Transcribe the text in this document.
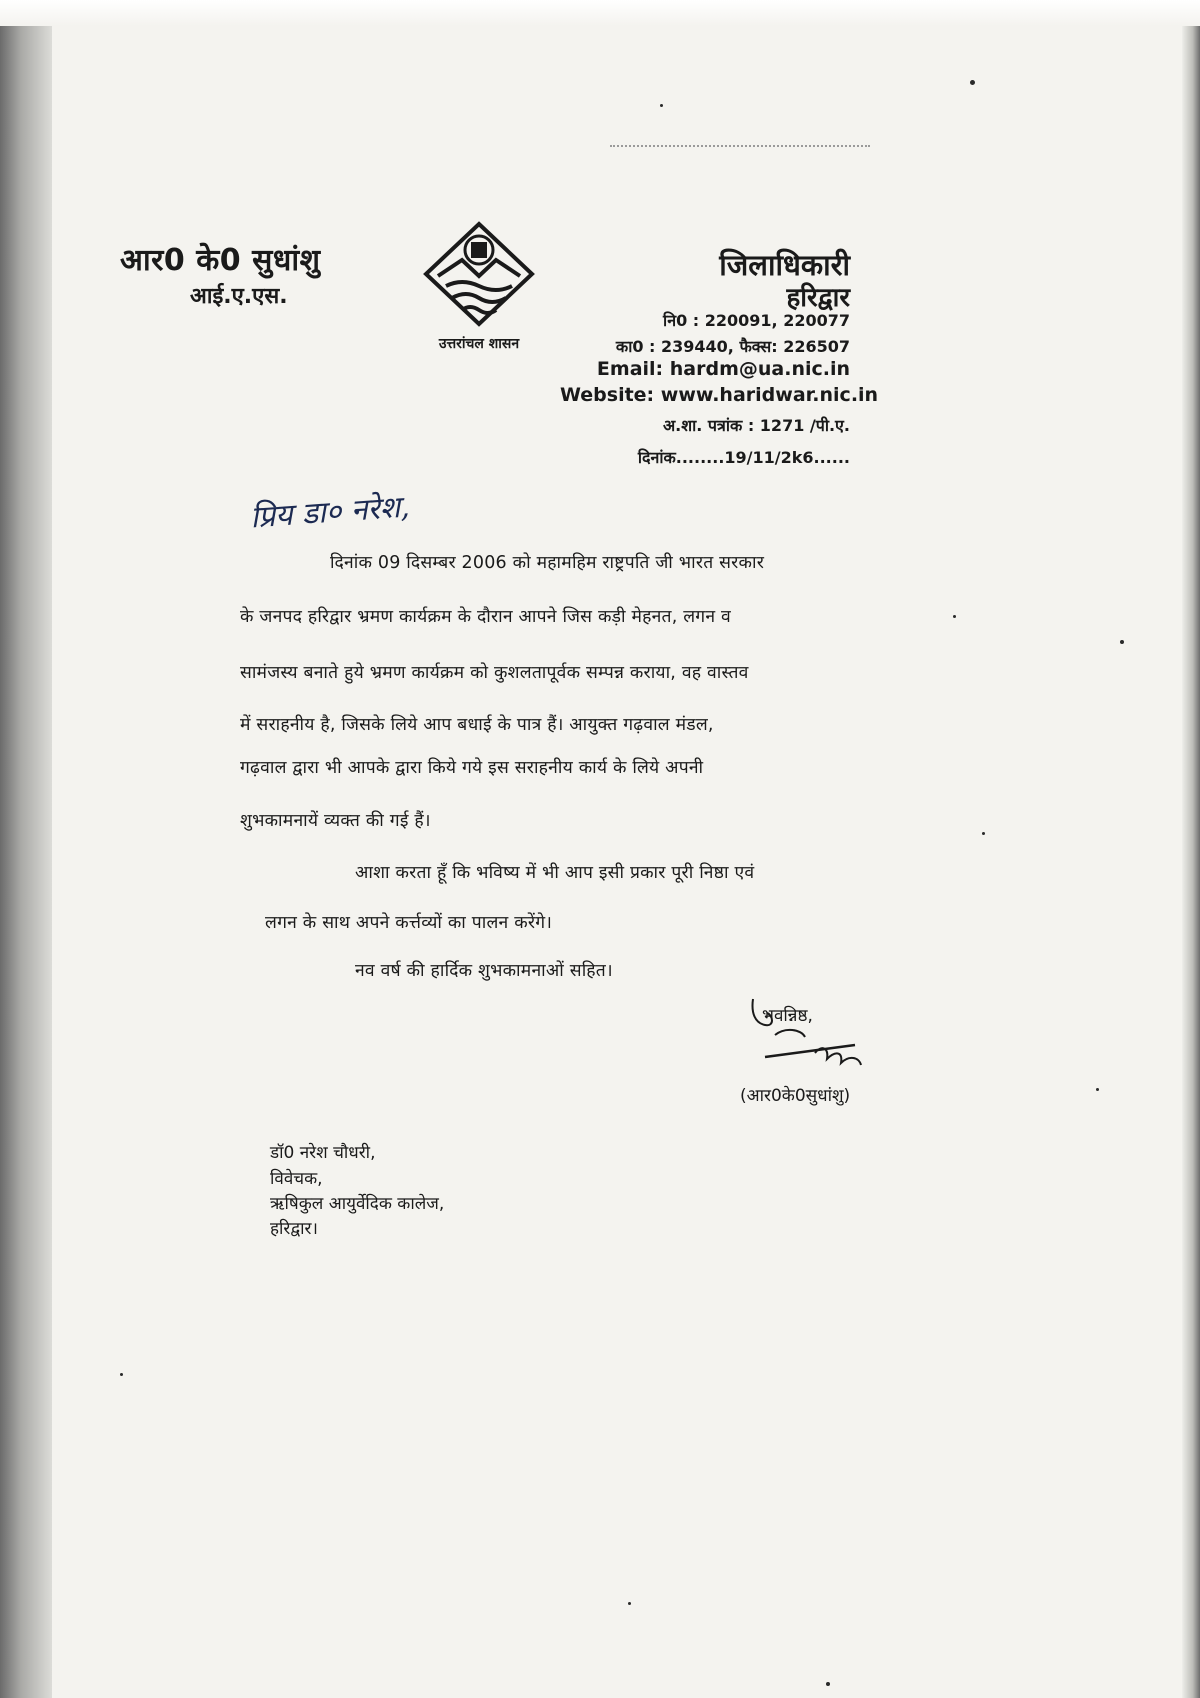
आर0 के0 सुधांशु
आई.ए.एस.
उत्तरांचल शासन
जिलाधिकारी
हरिद्वार
नि0 : 220091, 220077
का0 : 239440, फैक्स: 226507
Email: hardm@ua.nic.in
Website: www.haridwar.nic.in
अ.शा. पत्रांक : 1271 /पी.ए.
दिनांक........19/11/2k6......
प्रिय डा० नरेश,
दिनांक 09 दिसम्बर 2006 को महामहिम राष्ट्रपति जी भारत सरकार
के जनपद हरिद्वार भ्रमण कार्यक्रम के दौरान आपने जिस कड़ी मेहनत, लगन व
सामंजस्य बनाते हुये भ्रमण कार्यक्रम को कुशलतापूर्वक सम्पन्न कराया, वह वास्तव
में सराहनीय है, जिसके लिये आप बधाई के पात्र हैं। आयुक्त गढ़वाल मंडल,
गढ़वाल द्वारा भी आपके द्वारा किये गये इस सराहनीय कार्य के लिये अपनी
शुभकामनायें व्यक्त की गई हैं।
आशा करता हूँ कि भविष्य में भी आप इसी प्रकार पूरी निष्ठा एवं
लगन के साथ अपने कर्त्तव्यों का पालन करेंगे।
नव वर्ष की हार्दिक शुभकामनाओं सहित।
भवन्निष्ठ,
(आर0के0सुधांशु)
डॉ0 नरेश चौधरी,
विवेचक,
ऋषिकुल आयुर्वेदिक कालेज,
हरिद्वार।
